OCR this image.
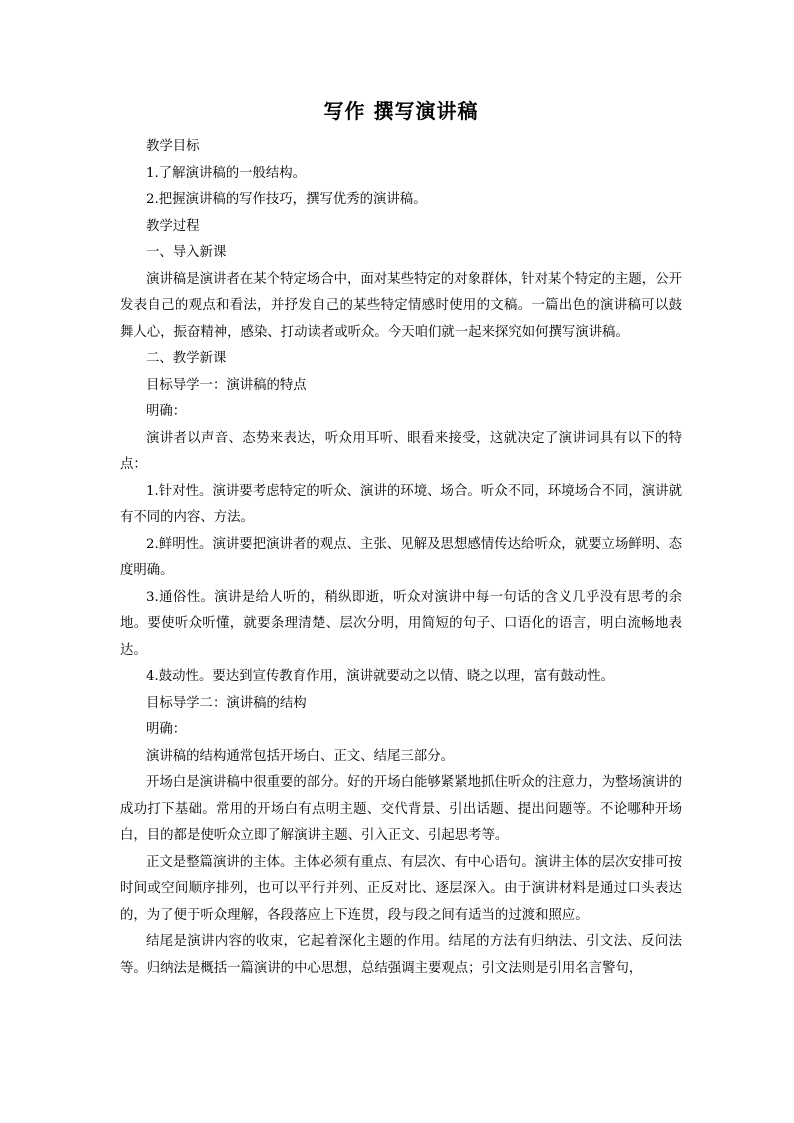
写作 撰写演讲稿

教学目标

1.了解演讲稿的一般结构。

2.把握演讲稿的写作技巧，撰写优秀的演讲稿。

教学过程

一、导入新课

演讲稿是演讲者在某个特定场合中，面对某些特定的对象群体，针对某个特定的主题，公开发表自己的观点和看法，并抒发自己的某些特定情感时使用的文稿。一篇出色的演讲稿可以鼓舞人心，振奋精神，感染、打动读者或听众。今天咱们就一起来探究如何撰写演讲稿。

二、教学新课

目标导学一：演讲稿的特点

明确：

演讲者以声音、态势来表达，听众用耳听、眼看来接受，这就决定了演讲词具有以下的特点：

1.针对性。演讲要考虑特定的听众、演讲的环境、场合。听众不同，环境场合不同，演讲就有不同的内容、方法。

2.鲜明性。演讲要把演讲者的观点、主张、见解及思想感情传达给听众，就要立场鲜明、态度明确。

3.通俗性。演讲是给人听的，稍纵即逝，听众对演讲中每一句话的含义几乎没有思考的余地。要使听众听懂，就要条理清楚、层次分明，用简短的句子、口语化的语言，明白流畅地表达。

4.鼓动性。要达到宣传教育作用，演讲就要动之以情、晓之以理，富有鼓动性。

目标导学二：演讲稿的结构

明确：

演讲稿的结构通常包括开场白、正文、结尾三部分。

开场白是演讲稿中很重要的部分。好的开场白能够紧紧地抓住听众的注意力，为整场演讲的成功打下基础。常用的开场白有点明主题、交代背景、引出话题、提出问题等。不论哪种开场白，目的都是使听众立即了解演讲主题、引入正文、引起思考等。

正文是整篇演讲的主体。主体必须有重点、有层次、有中心语句。演讲主体的层次安排可按时间或空间顺序排列，也可以平行并列、正反对比、逐层深入。由于演讲材料是通过口头表达的，为了便于听众理解，各段落应上下连贯，段与段之间有适当的过渡和照应。

结尾是演讲内容的收束，它起着深化主题的作用。结尾的方法有归纳法、引文法、反问法等。归纳法是概括一篇演讲的中心思想，总结强调主要观点；引文法则是引用名言警句，
